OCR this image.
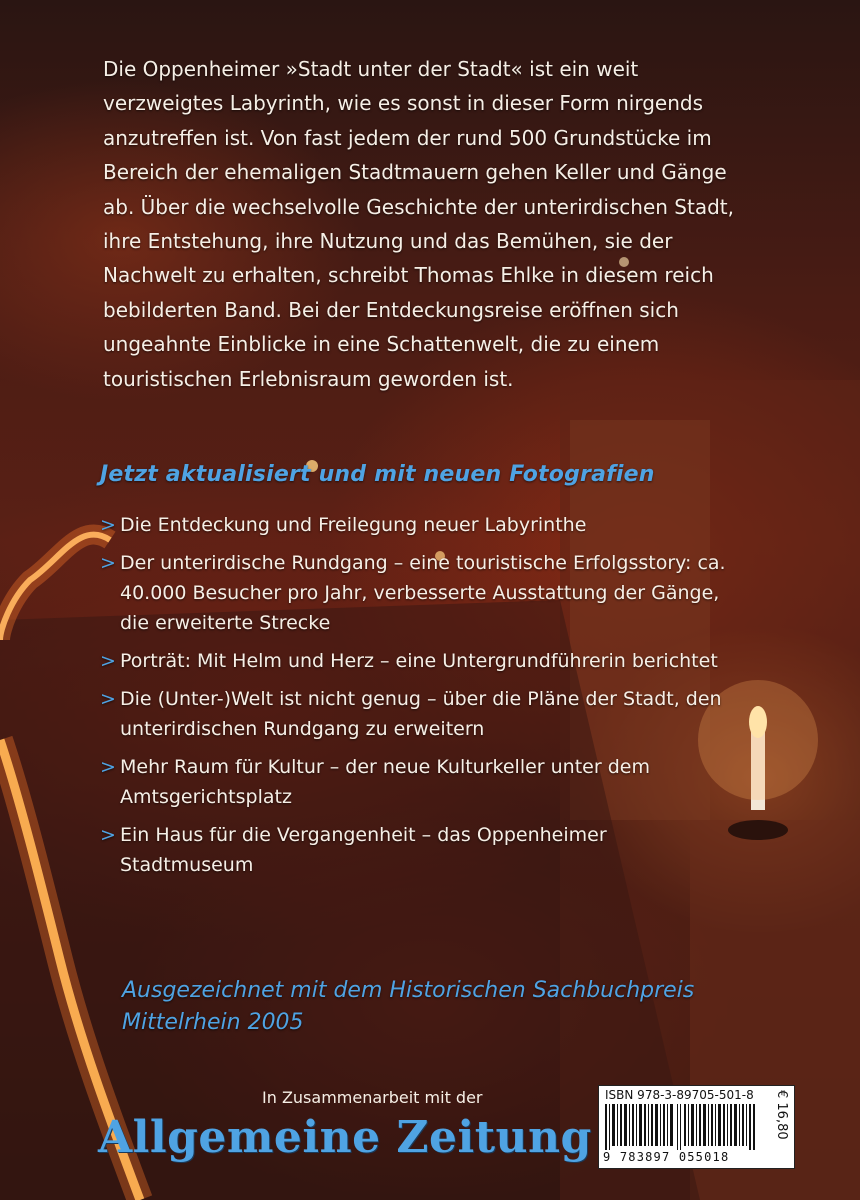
Die Oppenheimer »Stadt unter der Stadt« ist ein weit verzweigtes Labyrinth, wie es sonst in dieser Form nirgends anzutreffen ist. Von fast jedem der rund 500 Grundstücke im Bereich der ehemaligen Stadtmauern gehen Keller und Gänge ab. Über die wechselvolle Geschichte der unterirdischen Stadt, ihre Entstehung, ihre Nutzung und das Bemühen, sie der Nachwelt zu erhalten, schreibt Thomas Ehlke in diesem reich bebilderten Band. Bei der Entdeckungsreise eröffnen sich ungeahnte Einblicke in eine Schattenwelt, die zu einem touristischen Erlebnisraum geworden ist.

Jetzt aktualisiert und mit neuen Fotografien
> Die Entdeckung und Freilegung neuer Labyrinthe
> Der unterirdische Rundgang – eine touristische Erfolgsstory: ca. 40.000 Besucher pro Jahr, verbesserte Ausstattung der Gänge, die erweiterte Strecke
> Porträt: Mit Helm und Herz – eine Untergrundführerin berichtet
> Die (Unter-)Welt ist nicht genug – über die Pläne der Stadt, den unterirdischen Rundgang zu erweitern
> Mehr Raum für Kultur – der neue Kulturkeller unter dem Amtsgerichtsplatz
> Ein Haus für die Vergangenheit – das Oppenheimer Stadtmuseum

Ausgezeichnet mit dem Historischen Sachbuchpreis Mittelrhein 2005

In Zusammenarbeit mit der

Allgemeine Zeitung

ISBN 978-3-89705-501-8
9 783897 055018
€ 16,80
